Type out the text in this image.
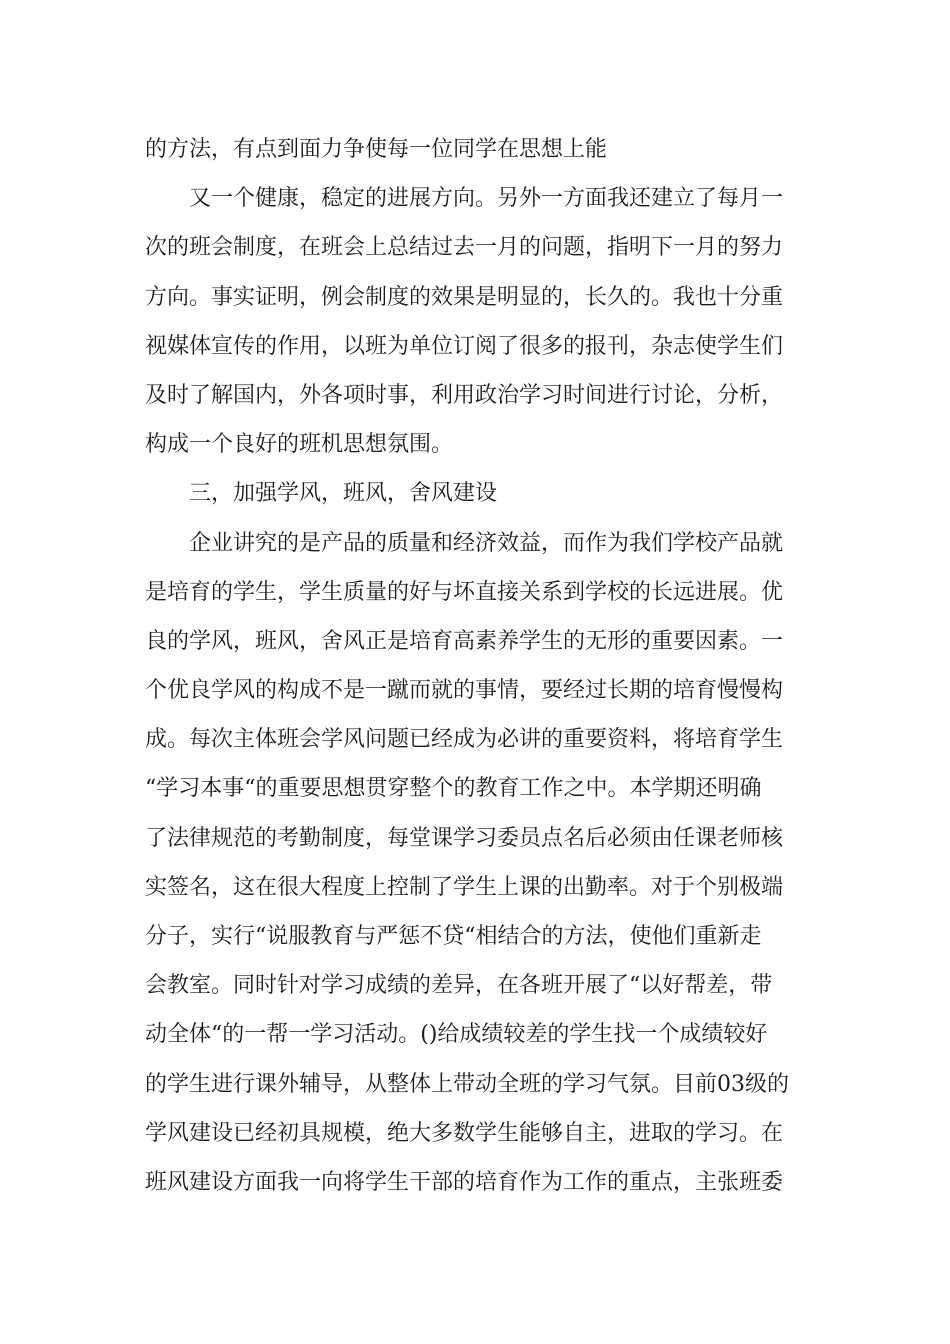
的方法，有点到面力争使每一位同学在思想上能
又一个健康，稳定的进展方向。另外一方面我还建立了每月一
次的班会制度，在班会上总结过去一月的问题，指明下一月的努力
方向。事实证明，例会制度的效果是明显的，长久的。我也十分重
视媒体宣传的作用，以班为单位订阅了很多的报刊，杂志使学生们
及时了解国内，外各项时事，利用政治学习时间进行讨论，分析，
构成一个良好的班机思想氛围。
三，加强学风，班风，舍风建设
企业讲究的是产品的质量和经济效益，而作为我们学校产品就
是培育的学生，学生质量的好与坏直接关系到学校的长远进展。优
良的学风，班风，舍风正是培育高素养学生的无形的重要因素。一
个优良学风的构成不是一蹴而就的事情，要经过长期的培育慢慢构
成。每次主体班会学风问题已经成为必讲的重要资料，将培育学生
“学习本事“的重要思想贯穿整个的教育工作之中。本学期还明确
了法律规范的考勤制度，每堂课学习委员点名后必须由任课老师核
实签名，这在很大程度上控制了学生上课的出勤率。对于个别极端
分子，实行“说服教育与严惩不贷“相结合的方法，使他们重新走
会教室。同时针对学习成绩的差异，在各班开展了“以好帮差，带
动全体“的一帮一学习活动。()给成绩较差的学生找一个成绩较好
的学生进行课外辅导，从整体上带动全班的学习气氛。目前03级的
学风建设已经初具规模，绝大多数学生能够自主，进取的学习。在
班风建设方面我一向将学生干部的培育作为工作的重点，主张班委
